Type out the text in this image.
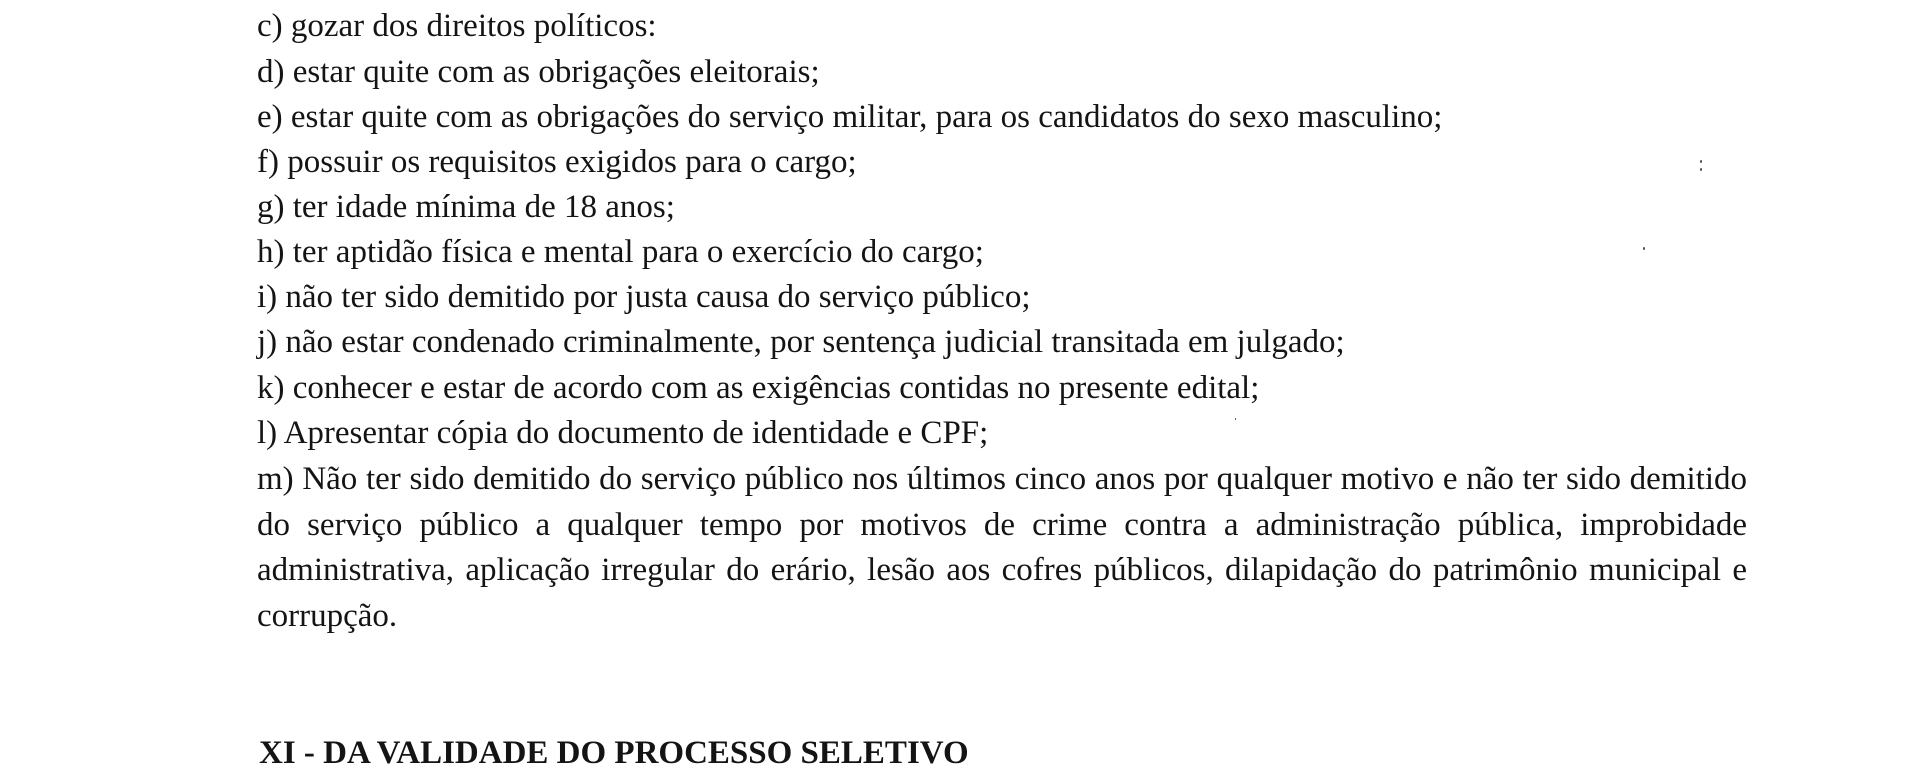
c) gozar dos direitos políticos:
d) estar quite com as obrigações eleitorais;
e) estar quite com as obrigações do serviço militar, para os candidatos do sexo masculino;
f) possuir os requisitos exigidos para o cargo;
g) ter idade mínima de 18 anos;
h) ter aptidão física e mental para o exercício do cargo;
i) não ter sido demitido por justa causa do serviço público;
j) não estar condenado criminalmente, por sentença judicial transitada em julgado;
k) conhecer e estar de acordo com as exigências contidas no presente edital;
l) Apresentar cópia do documento de identidade e CPF;
m) Não ter sido demitido do serviço público nos últimos cinco anos por qualquer motivo e não ter sido demitido do serviço público a qualquer tempo por motivos de crime contra a administração pública, improbidade administrativa, aplicação irregular do erário, lesão aos cofres públicos, dilapidação do patrimônio municipal e corrupção.
XI - DA VALIDADE DO PROCESSO SELETIVO
